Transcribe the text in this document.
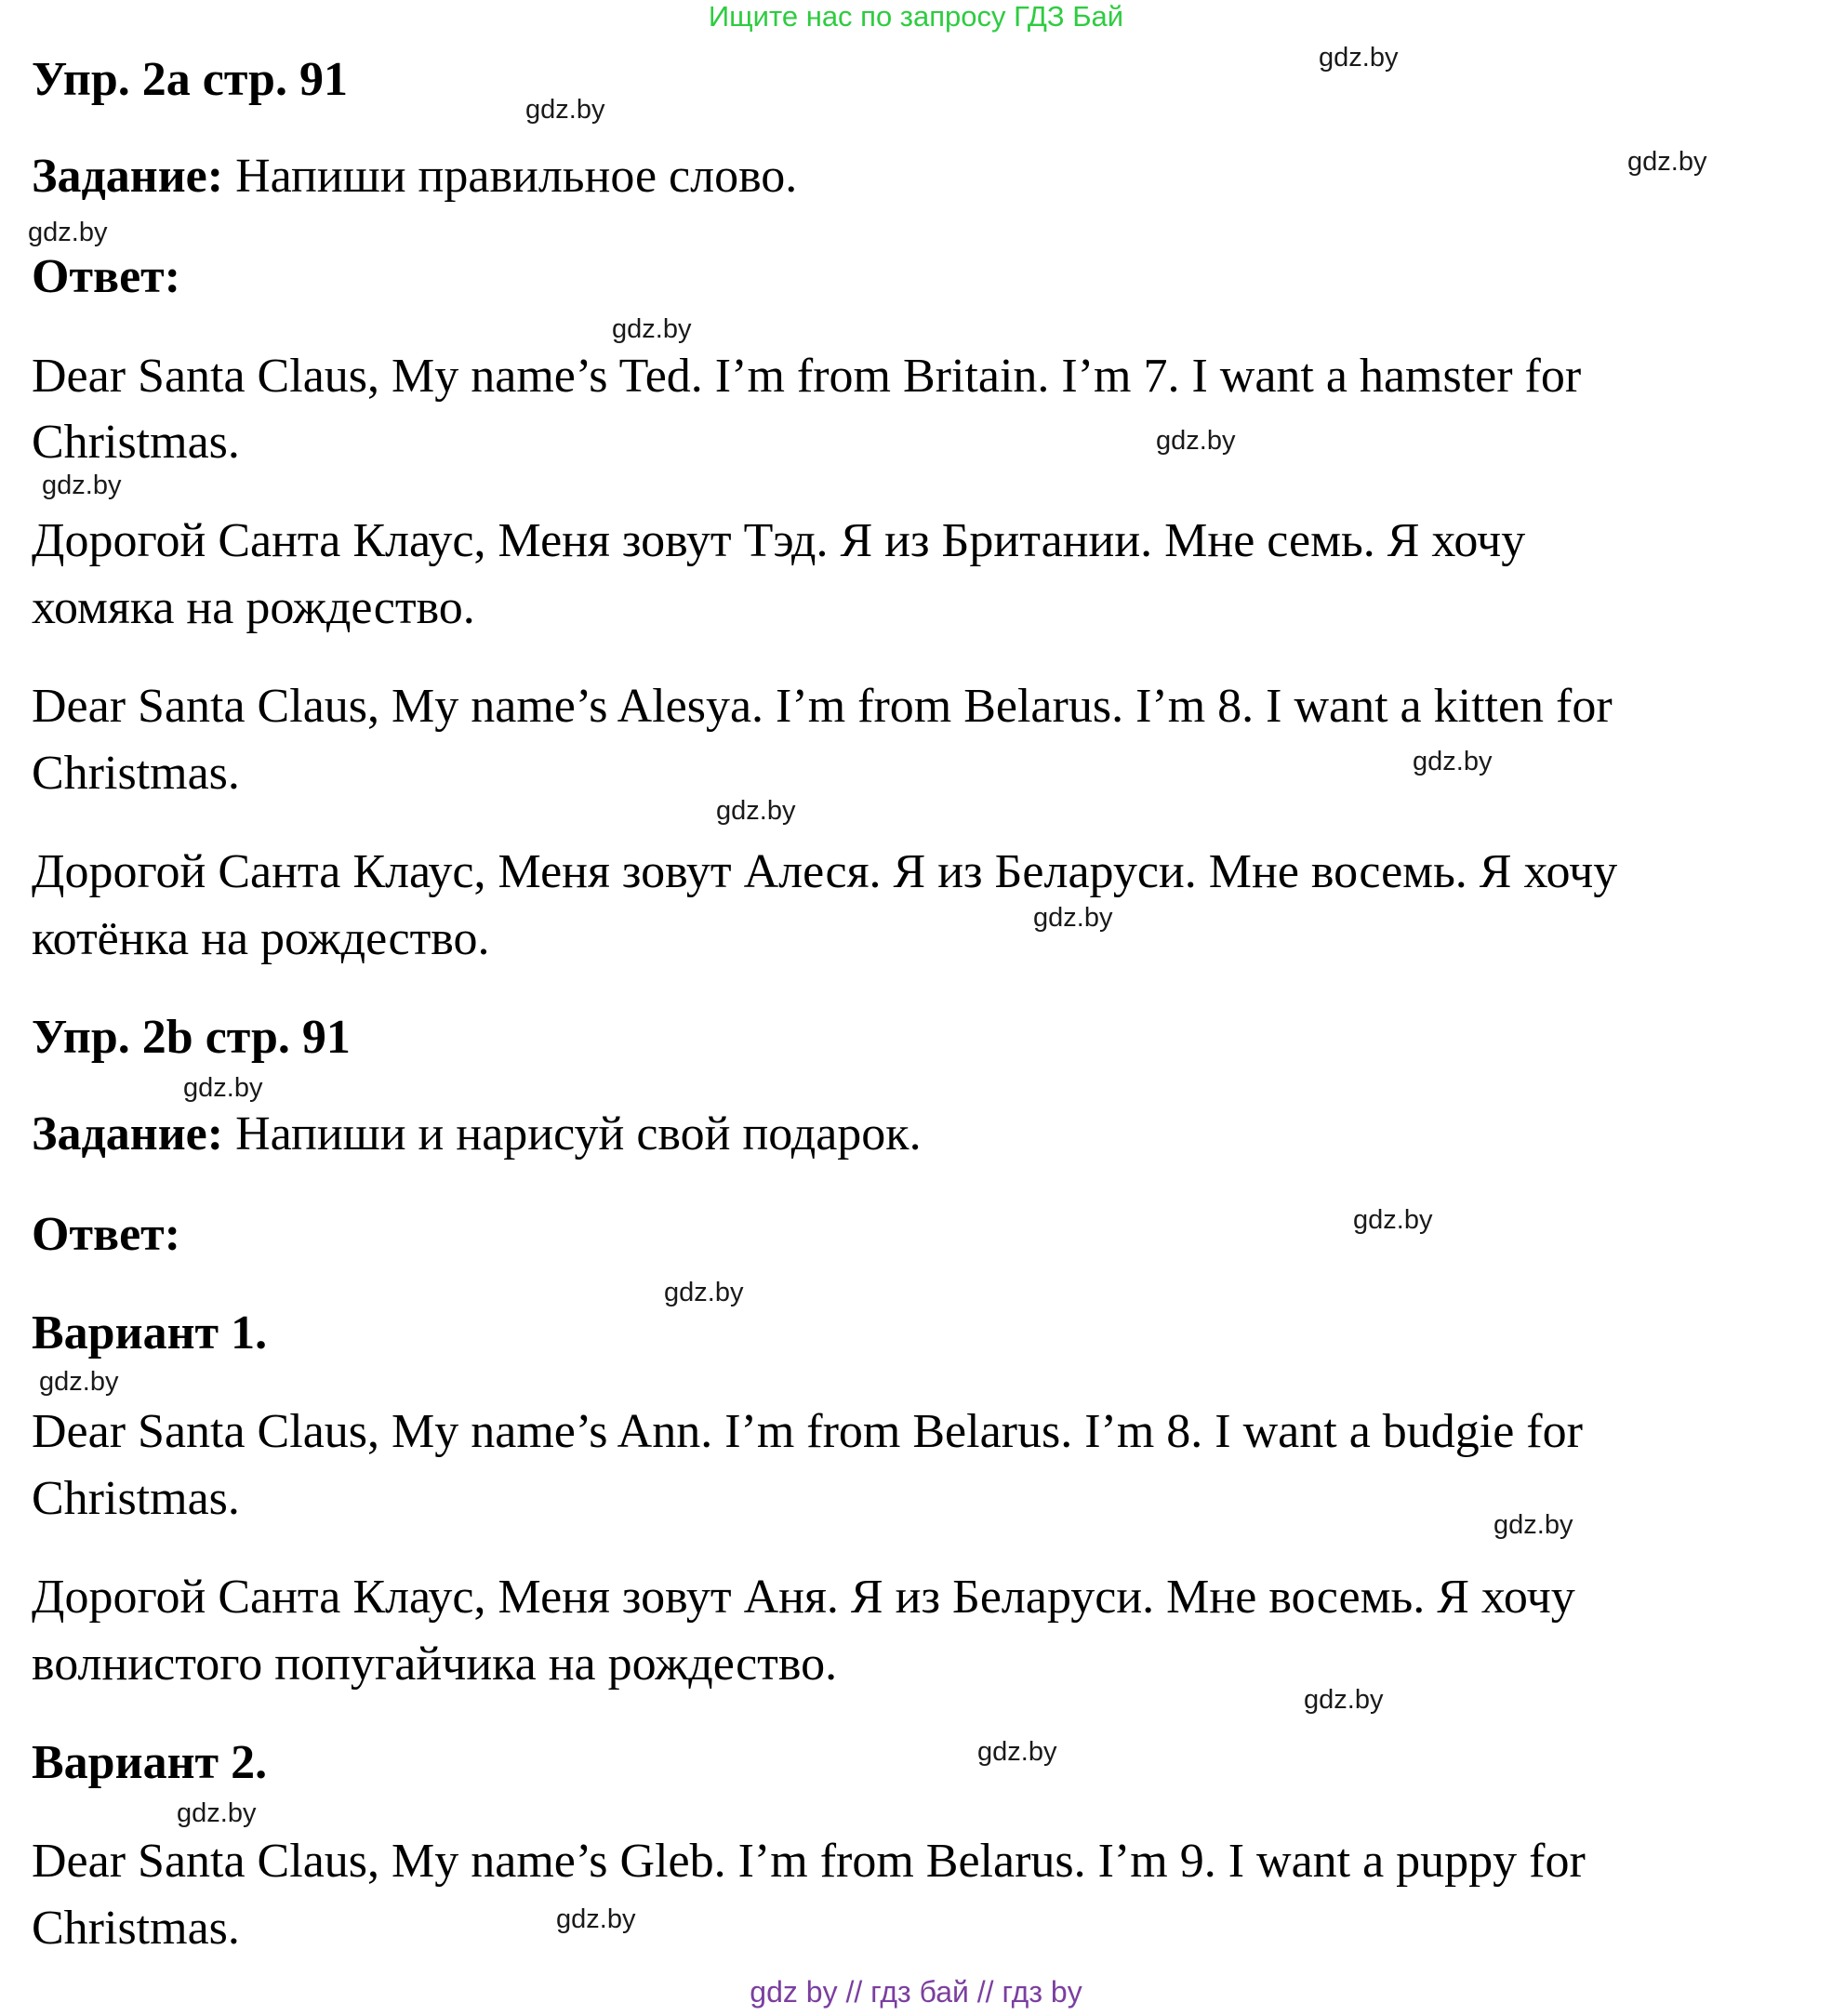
Ищите нас по запросу ГДЗ Бай
Упр. 2a стр. 91
Задание: Напиши правильное слово.
Ответ:
Dear Santa Claus, My name’s Ted. I’m from Britain. I’m 7. I want a hamster for
Christmas.
Дорогой Санта Клаус, Меня зовут Тэд. Я из Британии. Мне семь. Я хочу
хомяка на рождество.
Dear Santa Claus, My name’s Alesya. I’m from Belarus. I’m 8. I want a kitten for
Christmas.
Дорогой Санта Клаус, Меня зовут Алеся. Я из Беларуси. Мне восемь. Я хочу
котёнка на рождество.
Упр. 2b стр. 91
Задание: Напиши и нарисуй свой подарок.
Ответ:
Вариант 1.
Dear Santa Claus, My name’s Ann. I’m from Belarus. I’m 8. I want a budgie for
Christmas.
Дорогой Санта Клаус, Меня зовут Аня. Я из Беларуси. Мне восемь. Я хочу
волнистого попугайчика на рождество.
Вариант 2.
Dear Santa Claus, My name’s Gleb. I’m from Belarus. I’m 9. I want a puppy for
Christmas.
gdz.by
gdz.by
gdz.by
gdz.by
gdz.by
gdz.by
gdz.by
gdz.by
gdz.by
gdz.by
gdz.by
gdz.by
gdz.by
gdz.by
gdz.by
gdz.by
gdz.by
gdz.by
gdz.by
gdz by // гдз бай // гдз by
